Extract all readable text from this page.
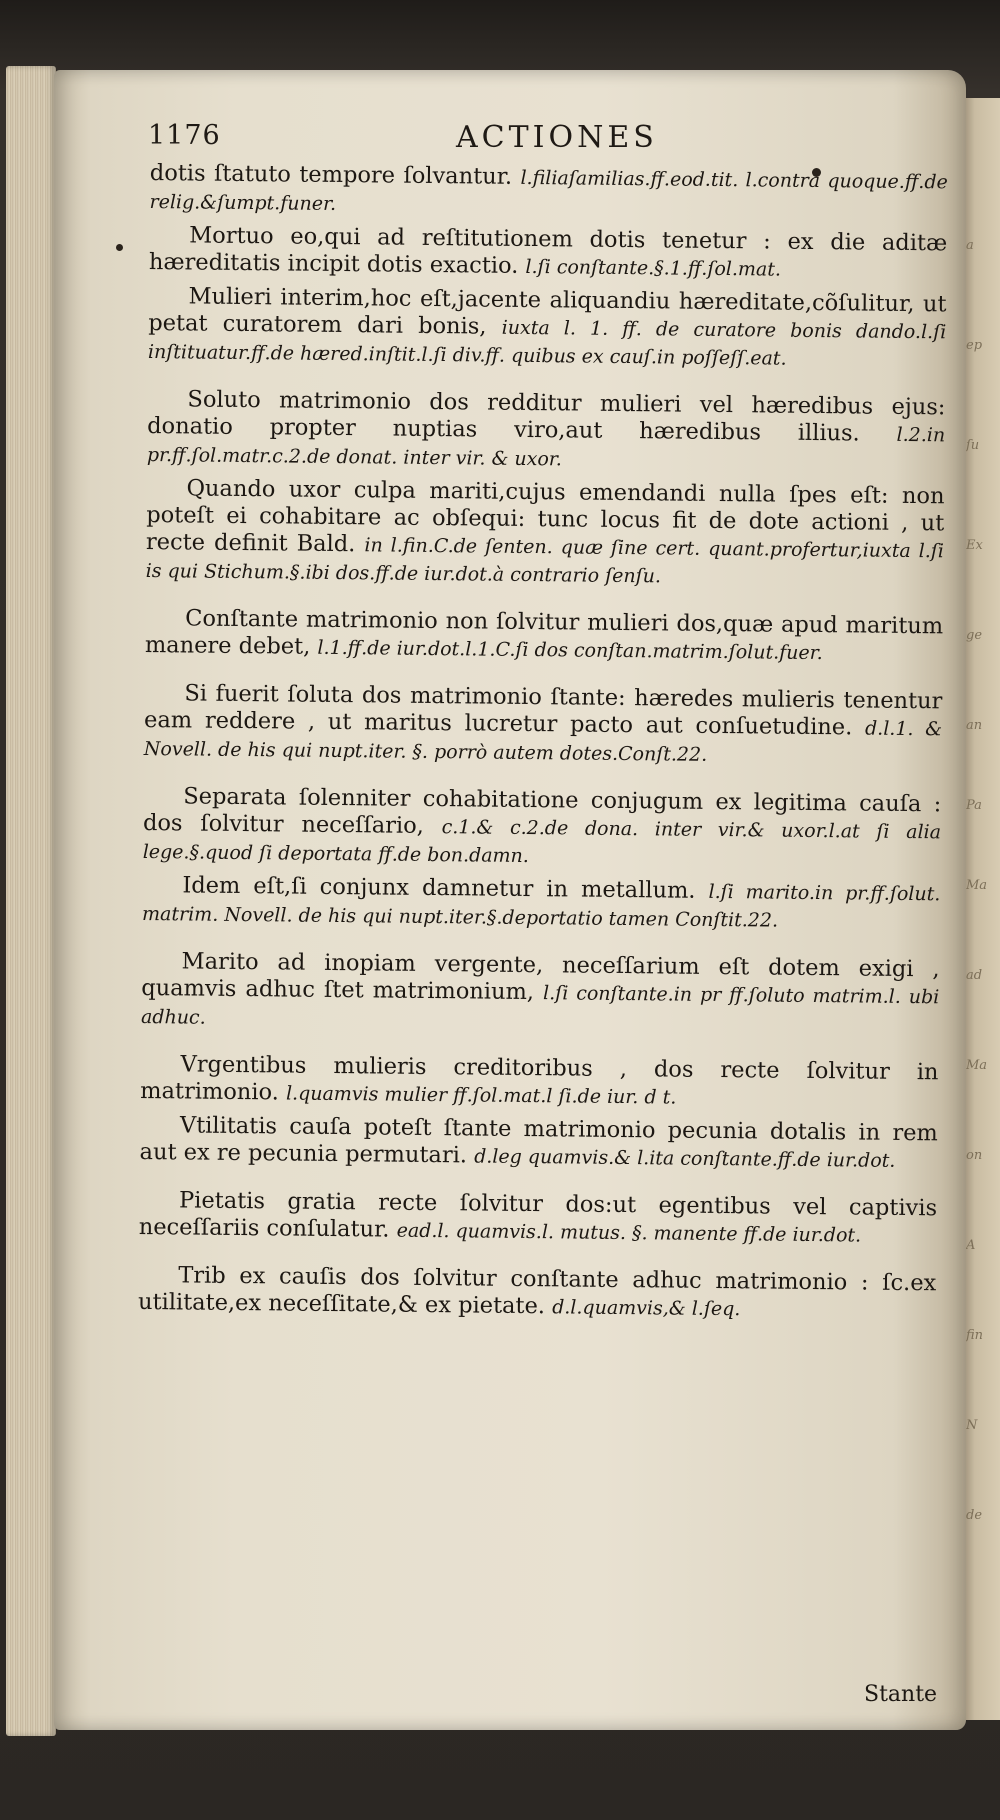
a
ep
ſu
Ex
ge
an
Pa
Ma
ad
Ma
on
A
fin
N
de
1176	ACTIONES

dotis ſtatuto tempore ſolvantur. l.filiaſamilias.ff.eod.tit. l.contra quoque.ff.de relig.&ſumpt.funer.

Mortuo eo,qui ad reſtitutionem dotis tenetur : ex die aditæ hæreditatis incipit dotis exactio. l.ſi conſtante.§.1.ff.ſol.mat.

Mulieri interim,hoc eſt,jacente aliquandiu hæreditate,cõſulitur, ut petat curatorem dari bonis, iuxta l. 1. ff. de curatore bonis dando.l.ſi inſtituatur.ff.de hæred.inſtit.l.ſi div.ff. quibus ex cauſ.in poſſeſſ.eat.

Soluto matrimonio dos redditur mulieri vel hæredibus ejus: donatio propter nuptias viro,aut hæredibus illius. l.2.in pr.ff.ſol.matr.c.2.de donat. inter vir. & uxor.

Quando uxor culpa mariti,cujus emendandi nulla ſpes eſt: non poteſt ei cohabitare ac obſequi: tunc locus fit de dote actioni , ut recte definit Bald. in l.fin.C.de ſenten. quæ ſine cert. quant.profertur,iuxta l.ſi is qui Stichum.§.ibi dos.ff.de iur.dot.à contrario ſenſu.

Conſtante matrimonio non ſolvitur mulieri dos,quæ apud maritum manere debet, l.1.ff.de iur.dot.l.1.C.ſi dos conſtan.matrim.ſolut.fuer.

Si fuerit ſoluta dos matrimonio ſtante: hæredes mulieris tenentur eam reddere , ut maritus lucretur pacto aut conſuetudine. d.l.1. & Novell. de his qui nupt.iter. §. porrò autem dotes.Conſt.22.

Separata ſolenniter cohabitatione conjugum ex legitima cauſa : dos ſolvitur neceſſario, c.1.& c.2.de dona. inter vir.& uxor.l.at ſi alia lege.§.quod ſi deportata ff.de bon.damn.

Idem eſt,ſi conjunx damnetur in metallum. l.ſi marito.in pr.ff.ſolut. matrim. Novell. de his qui nupt.iter.§.deportatio tamen Conſtit.22.

Marito ad inopiam vergente, neceſſarium eſt dotem exigi , quamvis adhuc ſtet matrimonium, l.ſi conſtante.in pr ff.ſoluto matrim.l. ubi adhuc.

Vrgentibus mulieris creditoribus , dos recte ſolvitur in matrimonio. l.quamvis mulier ff.ſol.mat.l ſi.de iur. d t.

Vtilitatis cauſa poteſt ſtante matrimonio pecunia dotalis in rem aut ex re pecunia permutari. d.leg quamvis.& l.ita conſtante.ff.de iur.dot.

Pietatis gratia recte ſolvitur dos:ut egentibus vel captivis neceſſariis conſulatur. ead.l. quamvis.l. mutus. §. manente ff.de iur.dot.

Trib ex cauſis dos ſolvitur conſtante adhuc matrimonio : ſc.ex utilitate,ex neceſſitate,& ex pietate. d.l.quamvis,& l.ſeq.

Stante
